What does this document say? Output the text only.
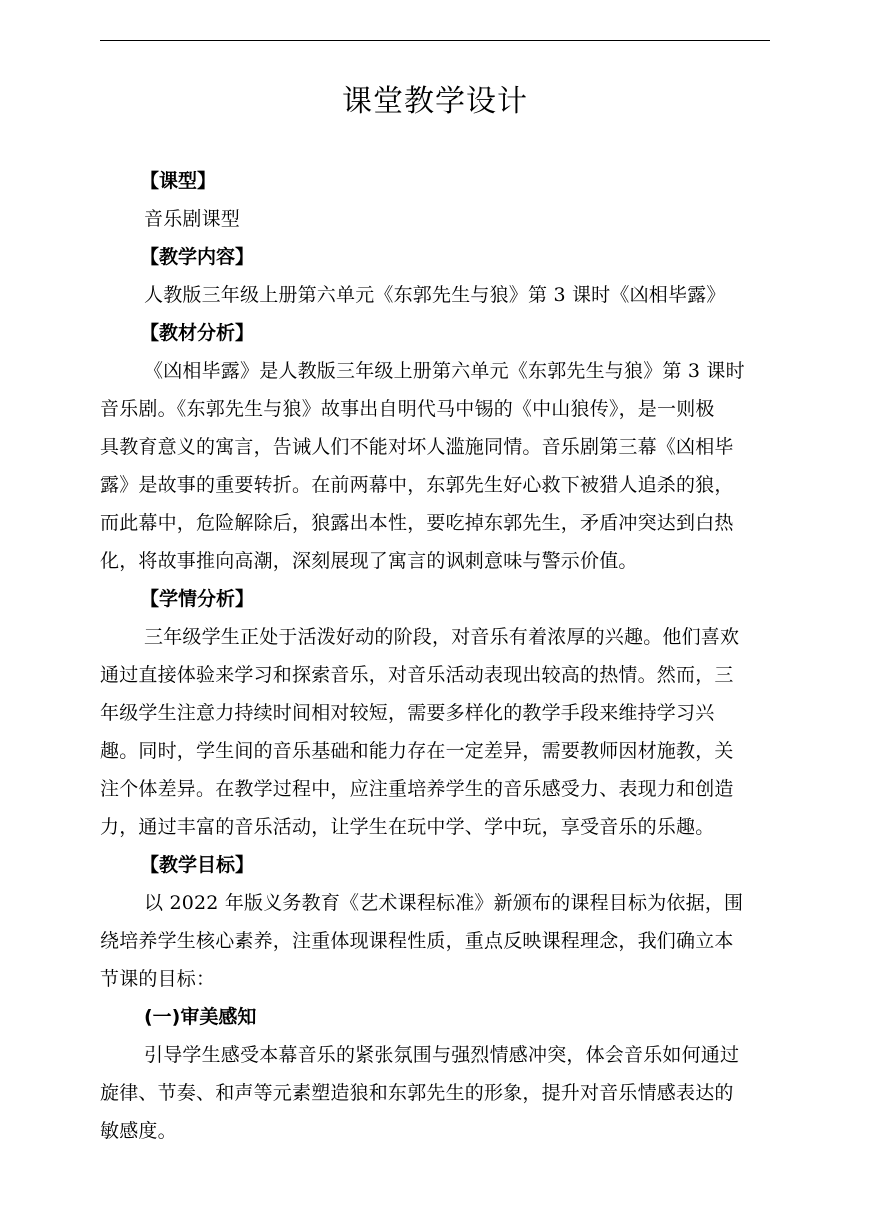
课堂教学设计
【课型】
音乐剧课型
【教学内容】
人教版三年级上册第六单元《东郭先生与狼》第 3 课时《凶相毕露》
【教材分析】
《凶相毕露》是人教版三年级上册第六单元《东郭先生与狼》第 3 课时
音乐剧。《东郭先生与狼》故事出自明代马中锡的《中山狼传》，是一则极
具教育意义的寓言，告诫人们不能对坏人滥施同情。音乐剧第三幕《凶相毕
露》是故事的重要转折。在前两幕中，东郭先生好心救下被猎人追杀的狼，
而此幕中，危险解除后，狼露出本性，要吃掉东郭先生，矛盾冲突达到白热
化，将故事推向高潮，深刻展现了寓言的讽刺意味与警示价值。
【学情分析】
三年级学生正处于活泼好动的阶段，对音乐有着浓厚的兴趣。他们喜欢
通过直接体验来学习和探索音乐，对音乐活动表现出较高的热情。然而，三
年级学生注意力持续时间相对较短，需要多样化的教学手段来维持学习兴
趣。同时，学生间的音乐基础和能力存在一定差异，需要教师因材施教，关
注个体差异。在教学过程中，应注重培养学生的音乐感受力、表现力和创造
力，通过丰富的音乐活动，让学生在玩中学、学中玩，享受音乐的乐趣。
【教学目标】
以 2022 年版义务教育《艺术课程标准》新颁布的课程目标为依据，围
绕培养学生核心素养，注重体现课程性质，重点反映课程理念，我们确立本
节课的目标：
(一)审美感知
引导学生感受本幕音乐的紧张氛围与强烈情感冲突，体会音乐如何通过
旋律、节奏、和声等元素塑造狼和东郭先生的形象，提升对音乐情感表达的
敏感度。
